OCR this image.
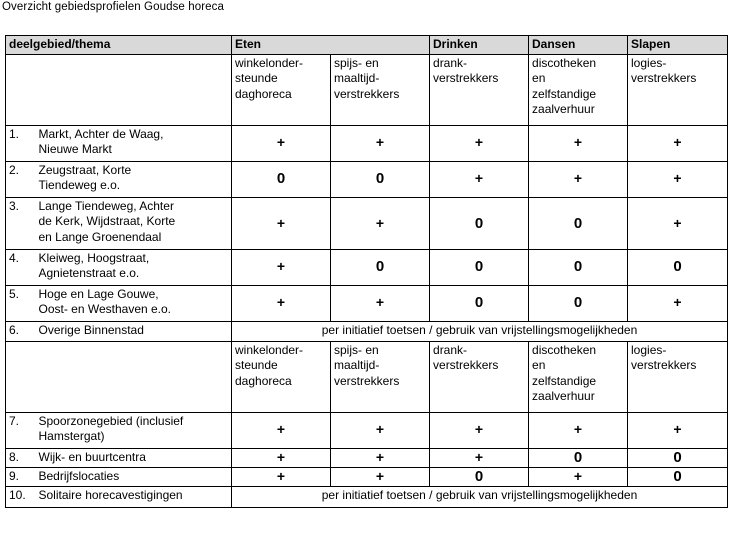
Overzicht gebiedsprofielen Goudse horeca
deelgebied/thema		Eten		Drinken	Dansen	Slapen
		winkelonder-
steunde
daghoreca	spijs- en
maaltijd-
verstrekkers	drank-
verstrekkers	discotheken
en
zelfstandige
zaalverhuur	logies-
verstrekkers
1.	Markt, Achter de Waag,
Nieuwe Markt	+	+	+	+	+
2.	Zeugstraat, Korte
Tiendeweg e.o.	0	0	+	+	+
3.	Lange Tiendeweg, Achter
de Kerk, Wijdstraat, Korte
en Lange Groenendaal	+	+	0	0	+
4.	Kleiweg, Hoogstraat,
Agnietenstraat e.o.	+	0	0	0	0
5.	Hoge en Lage Gouwe,
Oost- en Westhaven e.o.	+	+	0	0	+
6.	Overige Binnenstad	per initiatief toetsen / gebruik van vrijstellingsmogelijkheden				
		winkelonder-
steunde
daghoreca	spijs- en
maaltijd-
verstrekkers	drank-
verstrekkers	discotheken
en
zelfstandige
zaalverhuur	logies-
verstrekkers
7.	Spoorzonegebied (inclusief
Hamstergat)	+	+	+	+	+
8.	Wijk- en buurtcentra	+	+	+	0	0
9.	Bedrijfslocaties	+	+	0	+	0
10.	Solitaire horecavestigingen	per initiatief toetsen / gebruik van vrijstellingsmogelijkheden				
